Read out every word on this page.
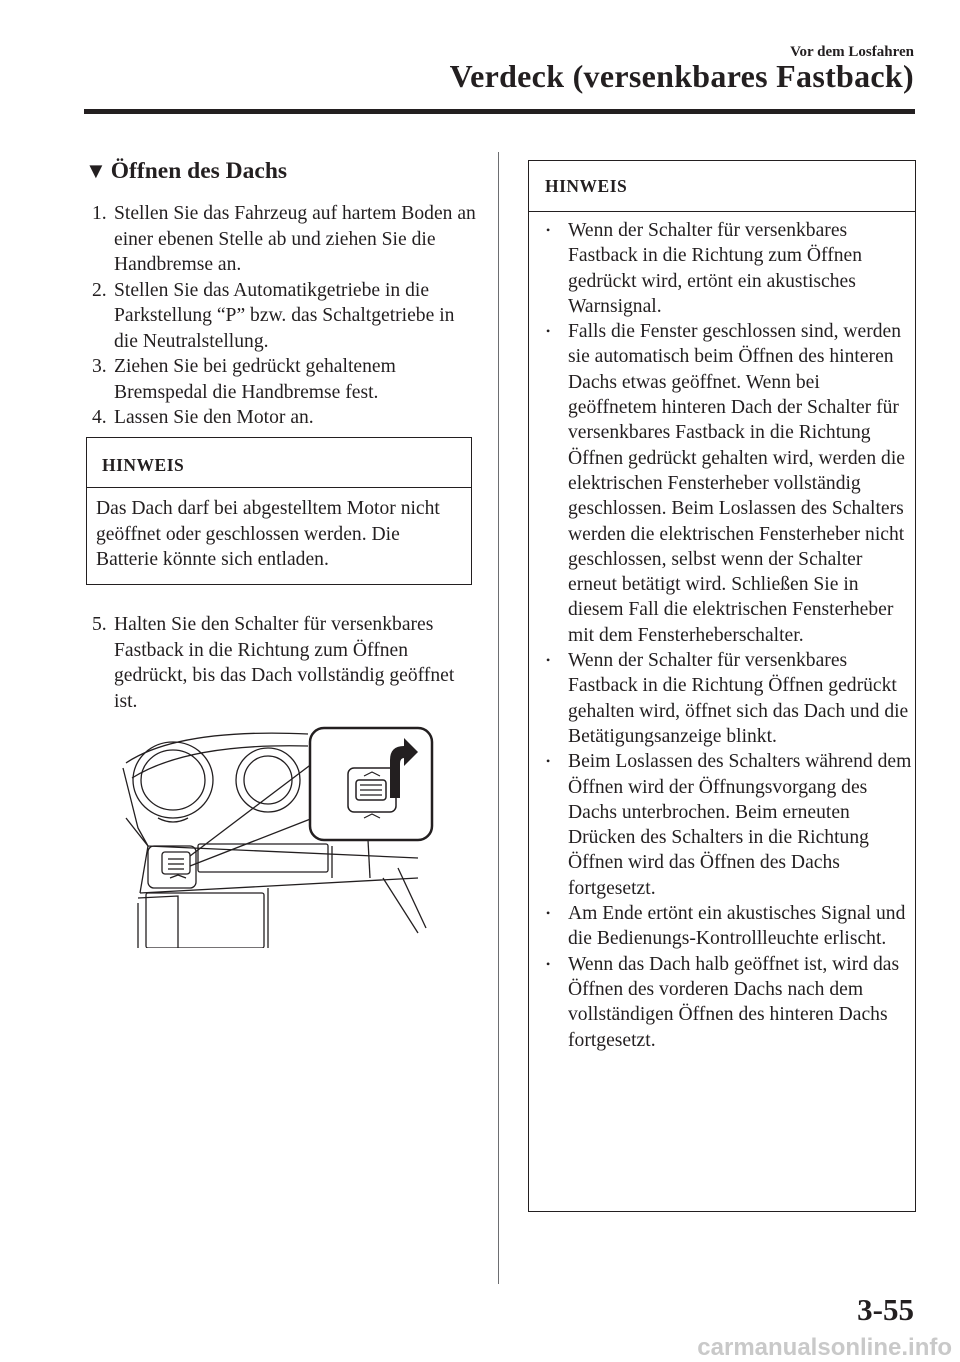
Vor dem Losfahren
Verdeck (versenkbares Fastback)
▼ Öffnen des Dachs
1. Stellen Sie das Fahrzeug auf hartem Boden an einer ebenen Stelle ab und ziehen Sie die Handbremse an.
2. Stellen Sie das Automatikgetriebe in die Parkstellung “P” bzw. das Schaltgetriebe in die Neutralstellung.
3. Ziehen Sie bei gedrückt gehaltenem Bremspedal die Handbremse fest.
4. Lassen Sie den Motor an.
HINWEIS
Das Dach darf bei abgestelltem Motor nicht geöffnet oder geschlossen werden. Die Batterie könnte sich entladen.
5. Halten Sie den Schalter für versenkbares Fastback in die Richtung zum Öffnen gedrückt, bis das Dach vollständig geöffnet ist.
HINWEIS
• Wenn der Schalter für versenkbares Fastback in die Richtung zum Öffnen gedrückt wird, ertönt ein akustisches Warnsignal.
• Falls die Fenster geschlossen sind, werden sie automatisch beim Öffnen des hinteren Dachs etwas geöffnet. Wenn bei geöffnetem hinteren Dach der Schalter für versenkbares Fastback in die Richtung Öffnen gedrückt gehalten wird, werden die elektrischen Fensterheber vollständig geschlossen. Beim Loslassen des Schalters werden die elektrischen Fensterheber nicht geschlossen, selbst wenn der Schalter erneut betätigt wird. Schließen Sie in diesem Fall die elektrischen Fensterheber mit dem Fensterheberschalter.
• Wenn der Schalter für versenkbares Fastback in die Richtung Öffnen gedrückt gehalten wird, öffnet sich das Dach und die Betätigungsanzeige blinkt.
• Beim Loslassen des Schalters während dem Öffnen wird der Öffnungsvorgang des Dachs unterbrochen. Beim erneuten Drücken des Schalters in die Richtung Öffnen wird das Öffnen des Dachs fortgesetzt.
• Am Ende ertönt ein akustisches Signal und die Bedienungs-Kontrollleuchte erlischt.
• Wenn das Dach halb geöffnet ist, wird das Öffnen des vorderen Dachs nach dem vollständigen Öffnen des hinteren Dachs fortgesetzt.
3-55
carmanualsonline.info
